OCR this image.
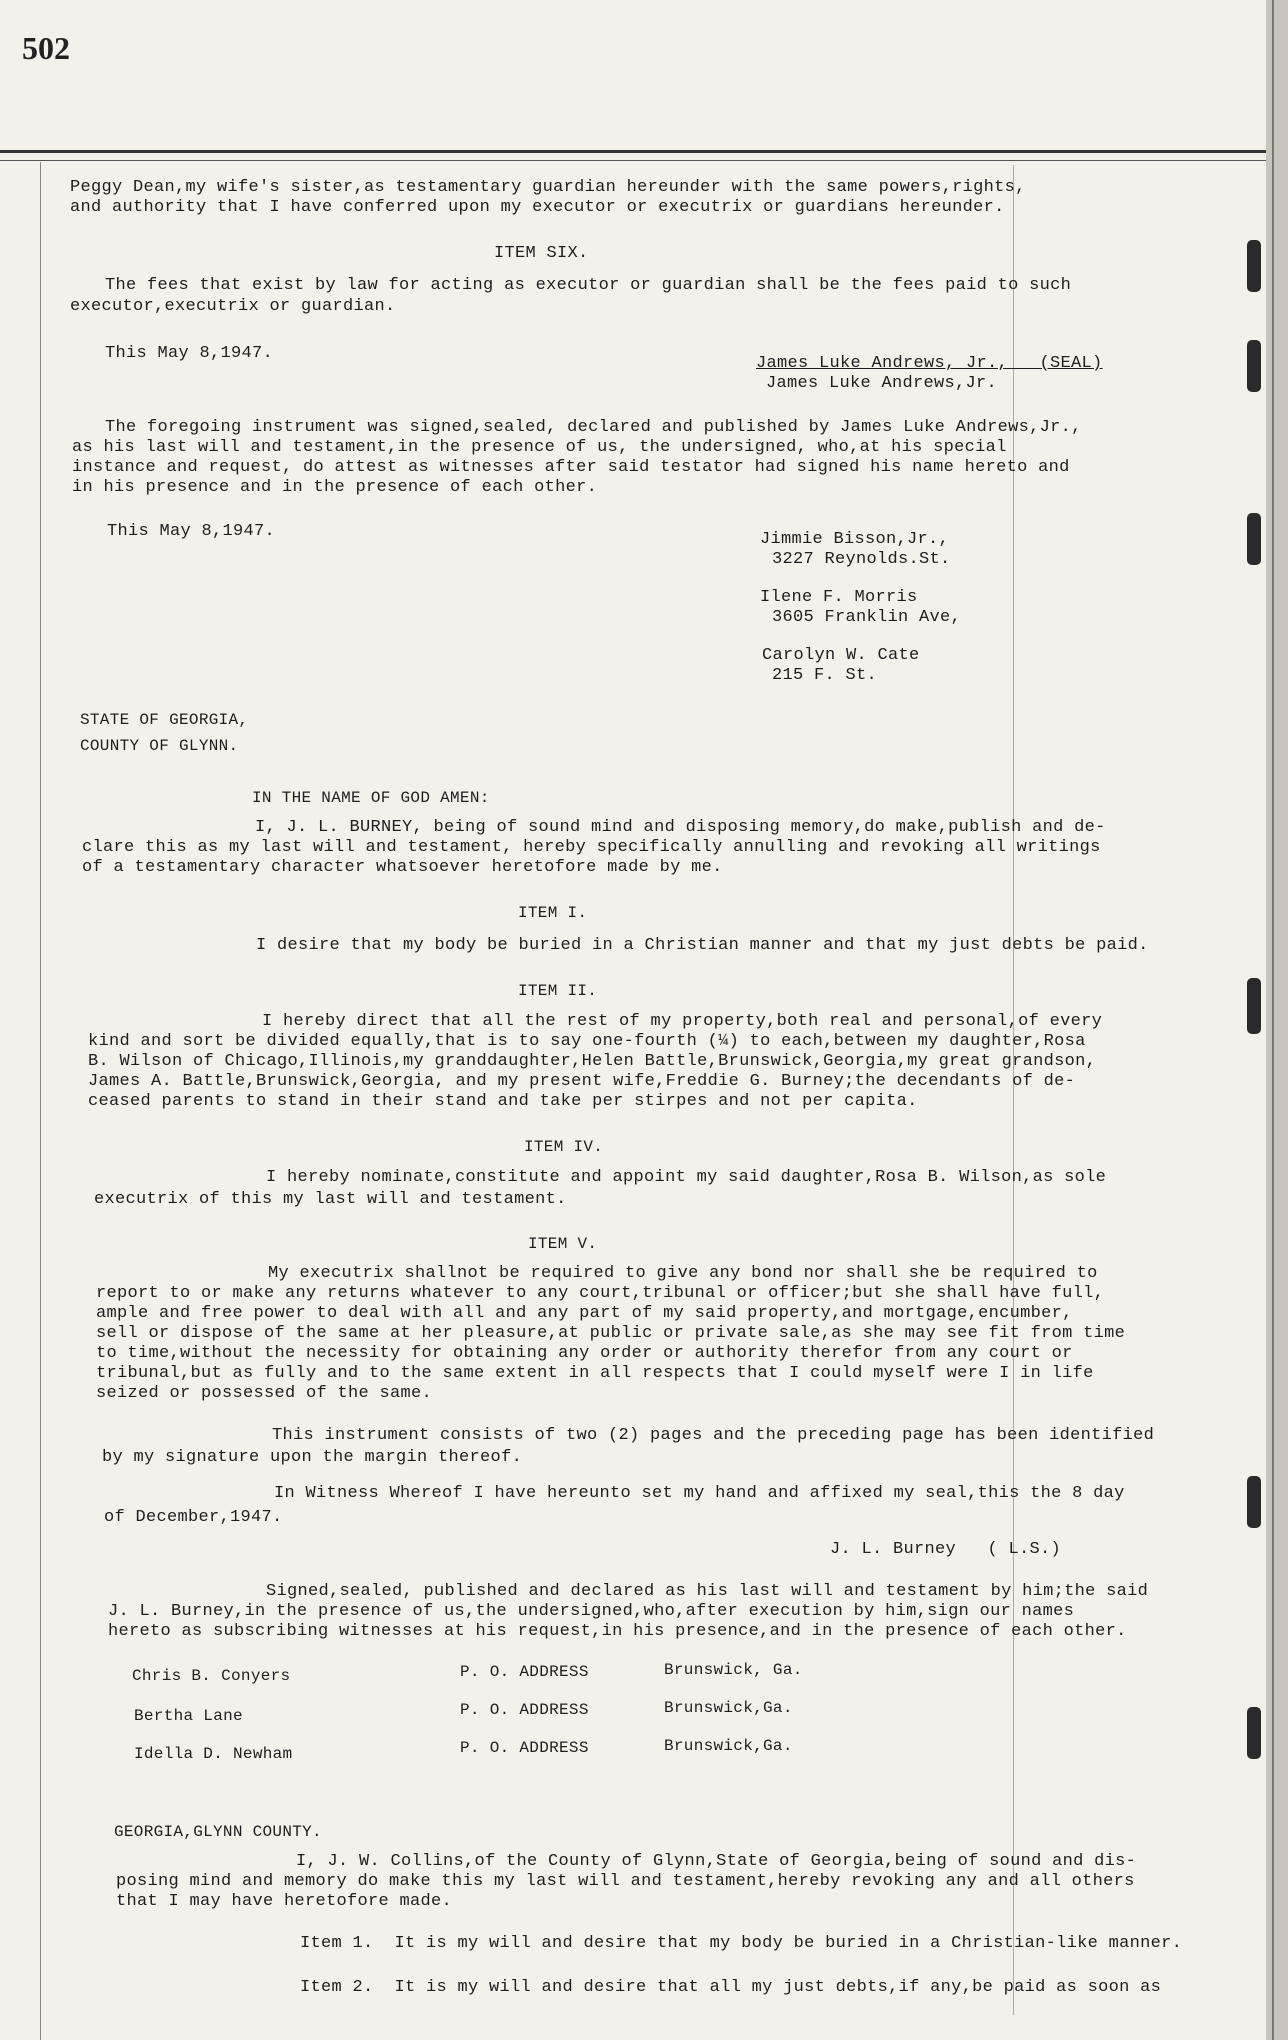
502

Peggy Dean,my wife's sister,as testamentary guardian hereunder with the same powers,rights,

and authority that I have conferred upon my executor or executrix or guardians hereunder.

ITEM SIX.

The fees that exist by law for acting as executor or guardian shall be the fees paid to such

executor,executrix or guardian.

This May 8,1947.

James Luke Andrews, Jr.,   (SEAL)

James Luke Andrews,Jr.

The foregoing instrument was signed,sealed, declared and published by James Luke Andrews,Jr.,

as his last will and testament,in the presence of us, the undersigned, who,at his special

instance and request, do attest as witnesses after said testator had signed his name hereto and

in his presence and in the presence of each other.

This May 8,1947.	Jimmie Bisson,Jr.,

3227 Reynolds.St.

Ilene F. Morris

3605 Franklin Ave,

Carolyn W. Cate

215 F. St.

STATE OF GEORGIA,

COUNTY OF GLYNN.

IN THE NAME OF GOD AMEN:

I, J. L. BURNEY, being of sound mind and disposing memory,do make,publish and de-

clare this as my last will and testament, hereby specifically annulling and revoking all writings

of a testamentary character whatsoever heretofore made by me.

ITEM I.

I desire that my body be buried in a Christian manner and that my just debts be paid.

ITEM II.

I hereby direct that all the rest of my property,both real and personal,of every

kind and sort be divided equally,that is to say one-fourth (¼) to each,between my daughter,Rosa

B. Wilson of Chicago,Illinois,my granddaughter,Helen Battle,Brunswick,Georgia,my great grandson,

James A. Battle,Brunswick,Georgia, and my present wife,Freddie G. Burney;the decendants of de-

ceased parents to stand in their stand and take per stirpes and not per capita.

ITEM IV.

I hereby nominate,constitute and appoint my said daughter,Rosa B. Wilson,as sole

executrix of this my last will and testament.

ITEM V.

My executrix shallnot be required to give any bond nor shall she be required to

report to or make any returns whatever to any court,tribunal or officer;but she shall have full,

ample and free power to deal with all and any part of my said property,and mortgage,encumber,

sell or dispose of the same at her pleasure,at public or private sale,as she may see fit from time

to time,without the necessity for obtaining any order or authority therefor from any court or

tribunal,but as fully and to the same extent in all respects that I could myself were I in life

seized or possessed of the same.

This instrument consists of two (2) pages and the preceding page has been identified

by my signature upon the margin thereof.

In Witness Whereof I have hereunto set my hand and affixed my seal,this the 8 day

of December,1947.

J. L. Burney   ( L.S.)

Signed,sealed, published and declared as his last will and testament by him;the said

J. L. Burney,in the presence of us,the undersigned,who,after execution by him,sign our names

hereto as subscribing witnesses at his request,in his presence,and in the presence of each other.

Chris B. Conyers	P. O. ADDRESS	Brunswick, Ga.

Bertha Lane	P. O. ADDRESS	Brunswick,Ga.

Idella D. Newham	P. O. ADDRESS	Brunswick,Ga.

GEORGIA,GLYNN COUNTY.

I, J. W. Collins,of the County of Glynn,State of Georgia,being of sound and dis-

posing mind and memory do make this my last will and testament,hereby revoking any and all others

that I may have heretofore made.

Item 1.  It is my will and desire that my body be buried in a Christian-like manner.

Item 2.  It is my will and desire that all my just debts,if any,be paid as soon as
